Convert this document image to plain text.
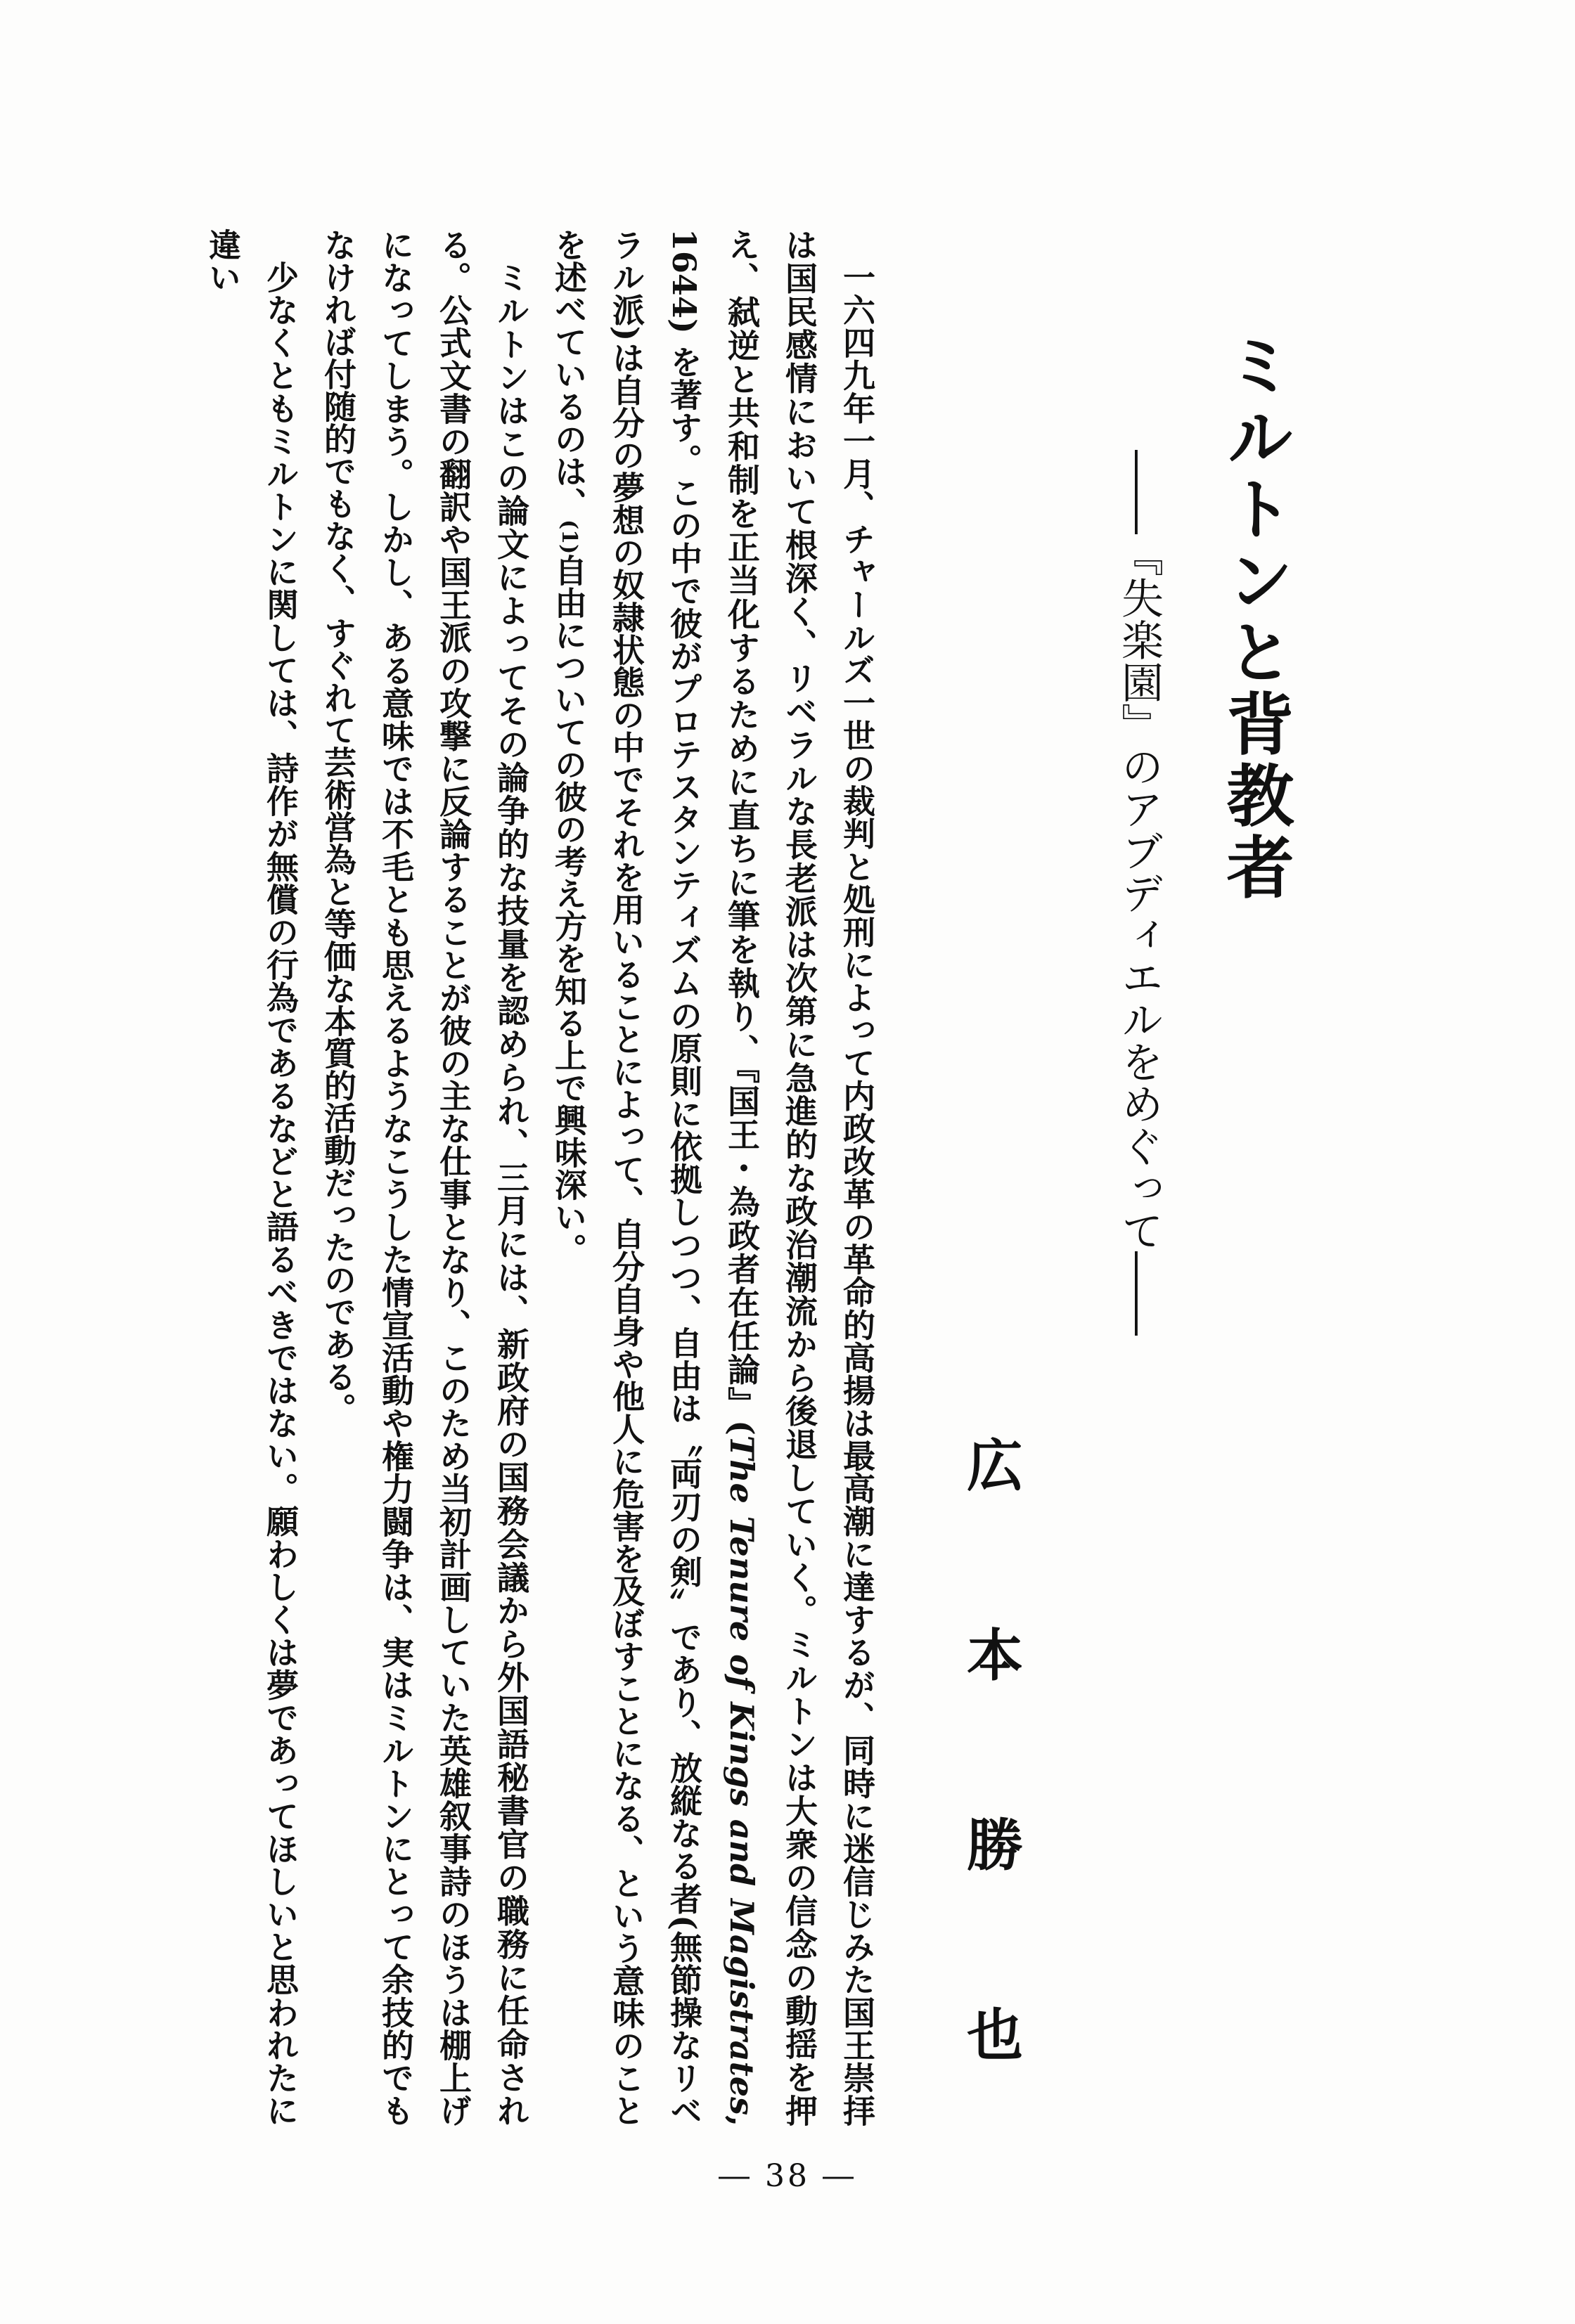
ミルトンと背教者
――『失楽園』のアブディエルをめぐって――
広
本
勝
也

一六四九年一月、チャールズ一世の裁判と処刑によって内政改革の革命的高揚は最高潮に達するが、同時に迷信じみた国王崇拝は国民感情において根深く、リベラルな長老派は次第に急進的な政治潮流から後退していく。ミルトンは大衆の信念の動揺を押え、弑逆と共和制を正当化するために直ちに筆を執り、『国王・為政者在任論』(The Tenure of Kings and Magistrates, 1644) を著す。この中で彼がプロテスタンティズムの原則に依拠しつつ、自由は〝両刃の剣〟であり、放縦なる者(無節操なリベラル派)は自分の夢想の奴隷状態の中でそれを用いることによって、自分自身や他人に危害を及ぼすことになる、という意味のことを述べているのは、(1)自由についての彼の考え方を知る上で興味深い。

ミルトンはこの論文によってその論争的な技量を認められ、三月には、新政府の国務会議から外国語秘書官の職務に任命される。公式文書の翻訳や国王派の攻撃に反論することが彼の主な仕事となり、このため当初計画していた英雄叙事詩のほうは棚上げになってしまう。しかし、ある意味では不毛とも思えるようなこうした情宣活動や権力闘争は、実はミルトンにとって余技的でもなければ付随的でもなく、すぐれて芸術営為と等価な本質的活動だったのである。

少なくともミルトンに関しては、詩作が無償の行為であるなどと語るべきではない。願わしくは夢であってほしいと思われたに違い

― 38 ―
